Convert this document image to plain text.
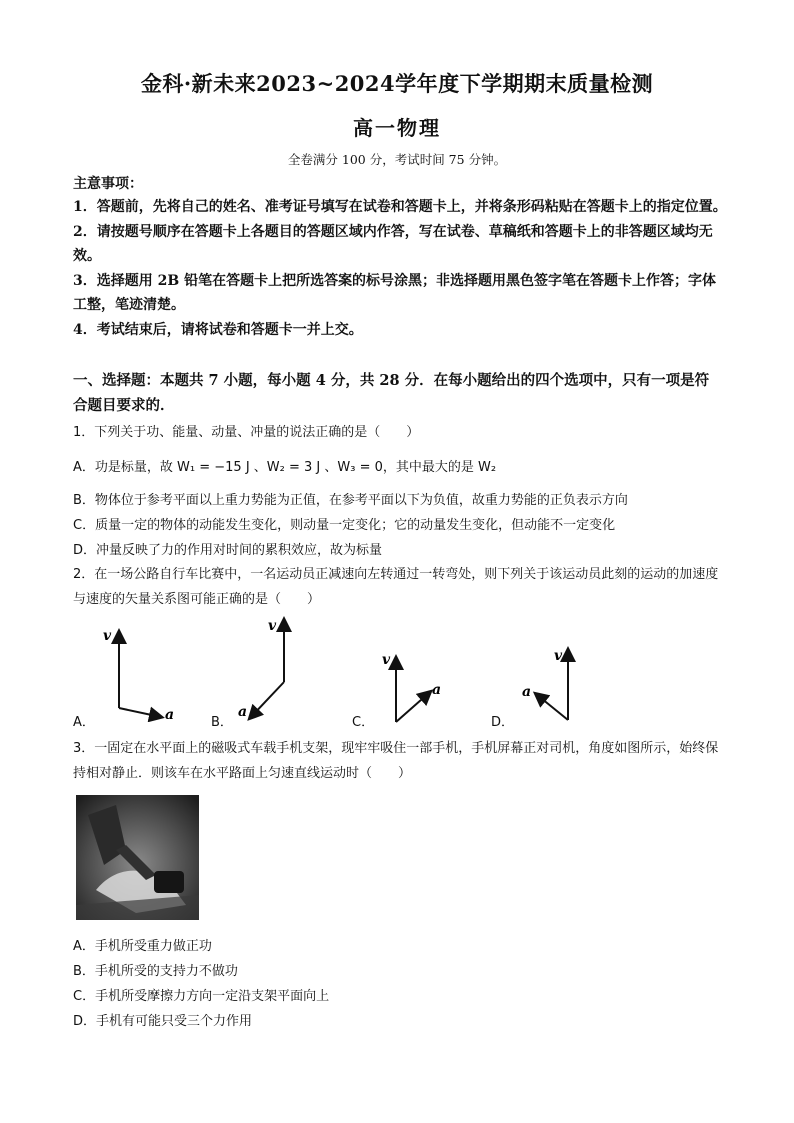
金科·新未来2023~2024学年度下学期期末质量检测
高一物理
全卷满分 100 分，考试时间 75 分钟。
主意事项：

1．答题前，先将自己的姓名、准考证号填写在试卷和答题卡上，并将条形码粘贴在答题卡上的指定位置。

2．请按题号顺序在答题卡上各题目的答题区域内作答，写在试卷、草稿纸和答题卡上的非答题区域均无效。

3．选择题用 2B 铅笔在答题卡上把所选答案的标号涂黑；非选择题用黑色签字笔在答题卡上作答；字体工整，笔迹清楚。

4．考试结束后，请将试卷和答题卡一并上交。

一、选择题：本题共 7 小题，每小题 4 分，共 28 分．在每小题给出的四个选项中，只有一项是符合题目要求的．
1．下列关于功、能量、动量、冲量的说法正确的是（　　）
A．功是标量，故 W₁ = −15 J 、W₂ = 3 J 、W₃ = 0，其中最大的是 W₂
B．物体位于参考平面以上重力势能为正值，在参考平面以下为负值，故重力势能的正负表示方向
C．质量一定的物体的动能发生变化，则动量一定变化；它的动量发生变化，但动能不一定变化
D．冲量反映了力的作用对时间的累积效应，故为标量
2．在一场公路自行车比赛中，一名运动员正减速向左转通过一转弯处，则下列关于该运动员此刻的运动的加速度与速度的矢量关系图可能正确的是（　　）
A．
v
a	B．
v
a
C．
v
a
D．
v
a
3．一固定在水平面上的磁吸式车载手机支架，现牢牢吸住一部手机，手机屏幕正对司机，角度如图所示，始终保持相对静止．则该车在水平路面上匀速直线运动时（　　）
A．手机所受重力做正功
B．手机所受的支持力不做功
C．手机所受摩擦力方向一定沿支架平面向上
D．手机有可能只受三个力作用
